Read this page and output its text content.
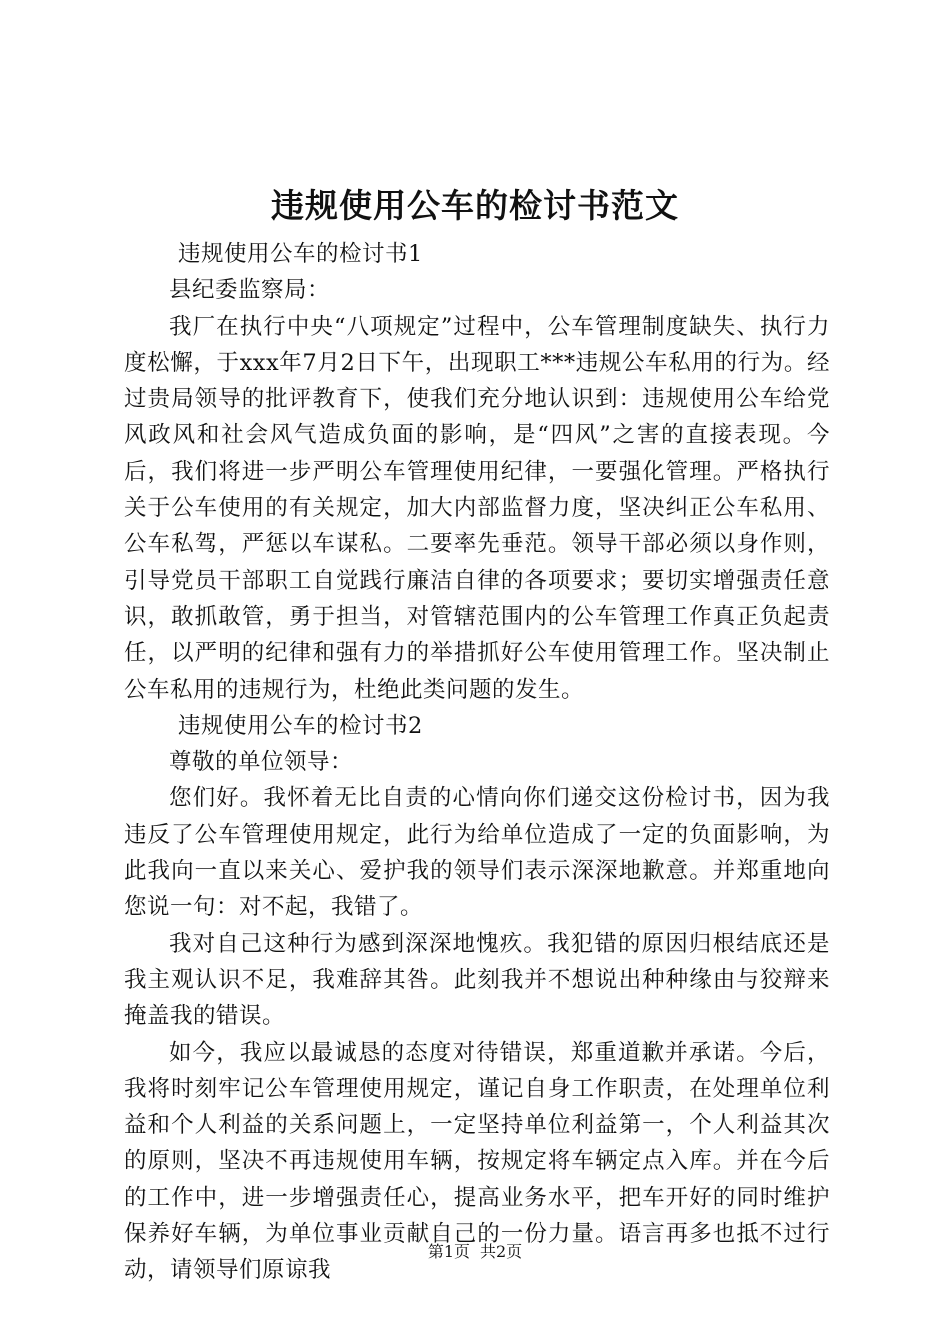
违规使用公车的检讨书范文

违规使用公车的检讨书1

县纪委监察局：

我厂在执行中央“八项规定”过程中，公车管理制度缺失、执行力度松懈，于xxx年7月2日下午，出现职工***违规公车私用的行为。经过贵局领导的批评教育下，使我们充分地认识到：违规使用公车给党风政风和社会风气造成负面的影响，是“四风”之害的直接表现。今后，我们将进一步严明公车管理使用纪律，一要强化管理。严格执行关于公车使用的有关规定，加大内部监督力度，坚决纠正公车私用、公车私驾，严惩以车谋私。二要率先垂范。领导干部必须以身作则，引导党员干部职工自觉践行廉洁自律的各项要求；要切实增强责任意识，敢抓敢管，勇于担当，对管辖范围内的公车管理工作真正负起责任，以严明的纪律和强有力的举措抓好公车使用管理工作。坚决制止公车私用的违规行为，杜绝此类问题的发生。

违规使用公车的检讨书2

尊敬的单位领导：

您们好。我怀着无比自责的心情向你们递交这份检讨书，因为我违反了公车管理使用规定，此行为给单位造成了一定的负面影响，为此我向一直以来关心、爱护我的领导们表示深深地歉意。并郑重地向您说一句：对不起，我错了。

我对自己这种行为感到深深地愧疚。我犯错的原因归根结底还是我主观认识不足，我难辞其咎。此刻我并不想说出种种缘由与狡辩来掩盖我的错误。

如今，我应以最诚恳的态度对待错误，郑重道歉并承诺。今后，我将时刻牢记公车管理使用规定，谨记自身工作职责，在处理单位利益和个人利益的关系问题上，一定坚持单位利益第一，个人利益其次的原则，坚决不再违规使用车辆，按规定将车辆定点入库。并在今后的工作中，进一步增强责任心，提高业务水平，把车开好的同时维护保养好车辆，为单位事业贡献自己的一份力量。语言再多也抵不过行动，请领导们原谅我

第1页 共2页
